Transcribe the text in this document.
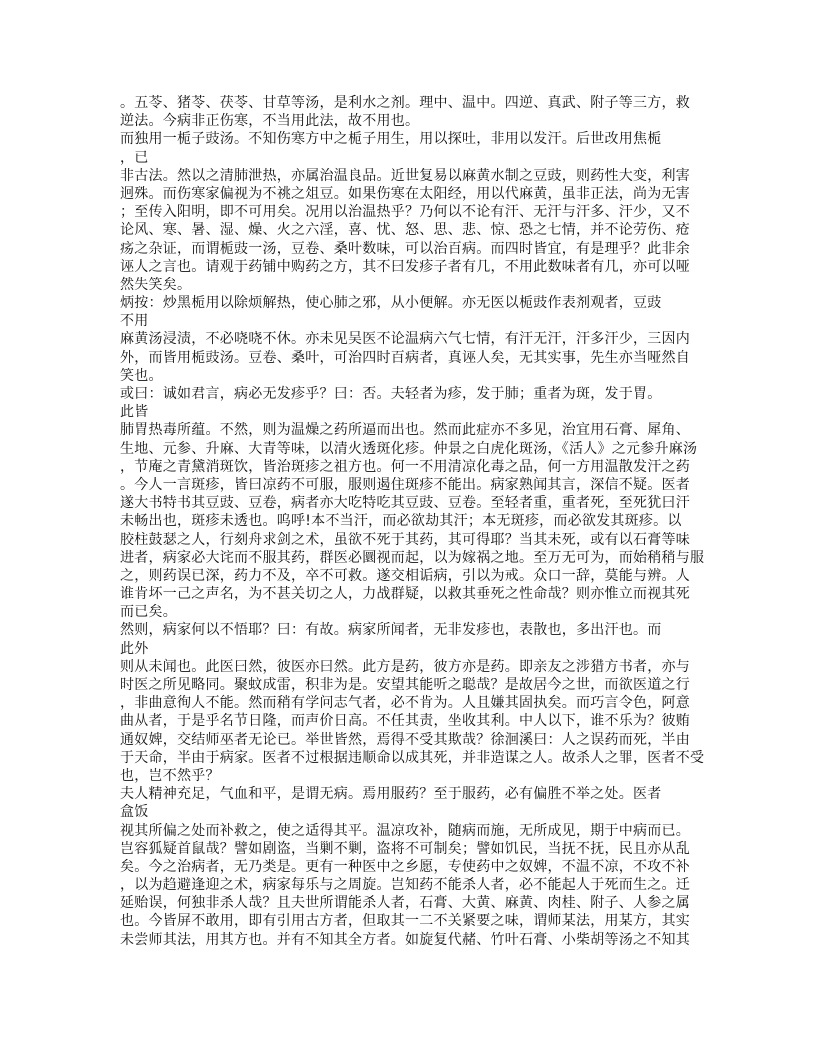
。五苓、猪苓、茯苓、甘草等汤，是利水之剂。理中、温中。四逆、真武、附子等三方，救
逆法。今病非正伤寒，不当用此法，故不用也。
而独用一栀子豉汤。不知伤寒方中之栀子用生，用以探吐，非用以发汗。后世改用焦栀
，已
非古法。然以之清肺泄热，亦属治温良品。近世复易以麻黄水制之豆豉，则药性大变，利害
迥殊。而伤寒家偏视为不祧之俎豆。如果伤寒在太阳经，用以代麻黄，虽非正法，尚为无害
；至传入阳明，即不可用矣。况用以治温热乎？乃何以不论有汗、无汗与汗多、汗少，又不
论风、寒、暑、湿、燥、火之六淫，喜、忧、怒、思、悲、惊、恐之七情，并不论劳伤、疮
疡之杂证，而谓栀豉一汤，豆卷、桑叶数味，可以治百病。而四时皆宜，有是理乎？此非余
诬人之言也。请观于药铺中购药之方，其不曰发疹子者有几，不用此数味者有几，亦可以哑
然失笑矣。
炳按：炒黑栀用以除烦解热，使心肺之邪，从小便解。亦无医以栀豉作表剂观者，豆豉
不用
麻黄汤浸渍，不必哓哓不休。亦未见吴医不论温病六气七情，有汗无汗，汗多汗少，三因内
外，而皆用栀豉汤。豆卷、桑叶，可治四时百病者，真诬人矣，无其实事，先生亦当哑然自
笑也。
或曰：诚如君言，病必无发疹乎？曰：否。夫轻者为疹，发于肺；重者为斑，发于胃。
此皆
肺胃热毒所蕴。不然，则为温燥之药所逼而出也。然而此症亦不多见，治宜用石膏、犀角、
生地、元参、升麻、大青等味，以清火透斑化疹。仲景之白虎化斑汤，《活人》之元参升麻汤
，节庵之青黛消斑饮，皆治斑疹之祖方也。何一不用清凉化毒之品，何一方用温散发汗之药
。今人一言斑疹，皆曰凉药不可服，服则遏住斑疹不能出。病家熟闻其言，深信不疑。医者
遂大书特书其豆豉、豆卷，病者亦大吃特吃其豆豉、豆卷。至轻者重，重者死，至死犹曰汗
未畅出也，斑疹未透也。呜呼!本不当汗，而必欲劫其汗；本无斑疹，而必欲发其斑疹。以
胶柱鼓瑟之人，行刻舟求剑之术，虽欲不死于其药，其可得耶？当其未死，或有以石膏等味
进者，病家必大诧而不服其药，群医必圜视而起，以为嫁祸之地。至万无可为，而始稍稍与服
之，则药误已深，药力不及，卒不可救。遂交相诟病，引以为戒。众口一辞，莫能与辨。人
谁肯坏一己之声名，为不甚关切之人，力战群疑，以救其垂死之性命哉？则亦惟立而视其死
而已矣。
然则，病家何以不悟耶？曰：有故。病家所闻者，无非发疹也，表散也，多出汗也。而
此外
则从未闻也。此医曰然，彼医亦曰然。此方是药，彼方亦是药。即亲友之涉猎方书者，亦与
时医之所见略同。聚蚊成雷，积非为是。安望其能听之聪哉？是故居今之世，而欲医道之行
，非曲意徇人不能。然而稍有学问志气者，必不肯为。人且嫌其固执矣。而巧言令色，阿意
曲从者，于是乎名节日隆，而声价日高。不任其责，坐收其利。中人以下，谁不乐为？彼贿
通奴婢，交结师巫者无论已。举世皆然，焉得不受其欺哉？徐洄溪曰：人之误药而死，半由
于天命，半由于病家。医者不过根据违顺命以成其死，并非造谋之人。故杀人之罪，医者不受
也，岂不然乎？
夫人精神充足，气血和平，是谓无病。焉用服药？至于服药，必有偏胜不举之处。医者
盒饭
视其所偏之处而补救之，使之适得其平。温凉攻补，随病而施，无所成见，期于中病而已。
岂容狐疑首鼠哉？譬如剧盗，当剿不剿，盗将不可制矣；譬如饥民，当抚不抚，民且亦从乱
矣。今之治病者，无乃类是。更有一种医中之乡愿，专使药中之奴婢，不温不凉，不攻不补
，以为趋避逢迎之术，病家每乐与之周旋。岂知药不能杀人者，必不能起人于死而生之。迁
延贻误，何独非杀人哉？且夫世所谓能杀人者，石膏、大黄、麻黄、肉桂、附子、人参之属
也。今皆屏不敢用，即有引用古方者，但取其一二不关紧要之味，谓师某法，用某方，其实
未尝师其法，用其方也。并有不知其全方者。如旋复代赭、竹叶石膏、小柴胡等汤之不知其
